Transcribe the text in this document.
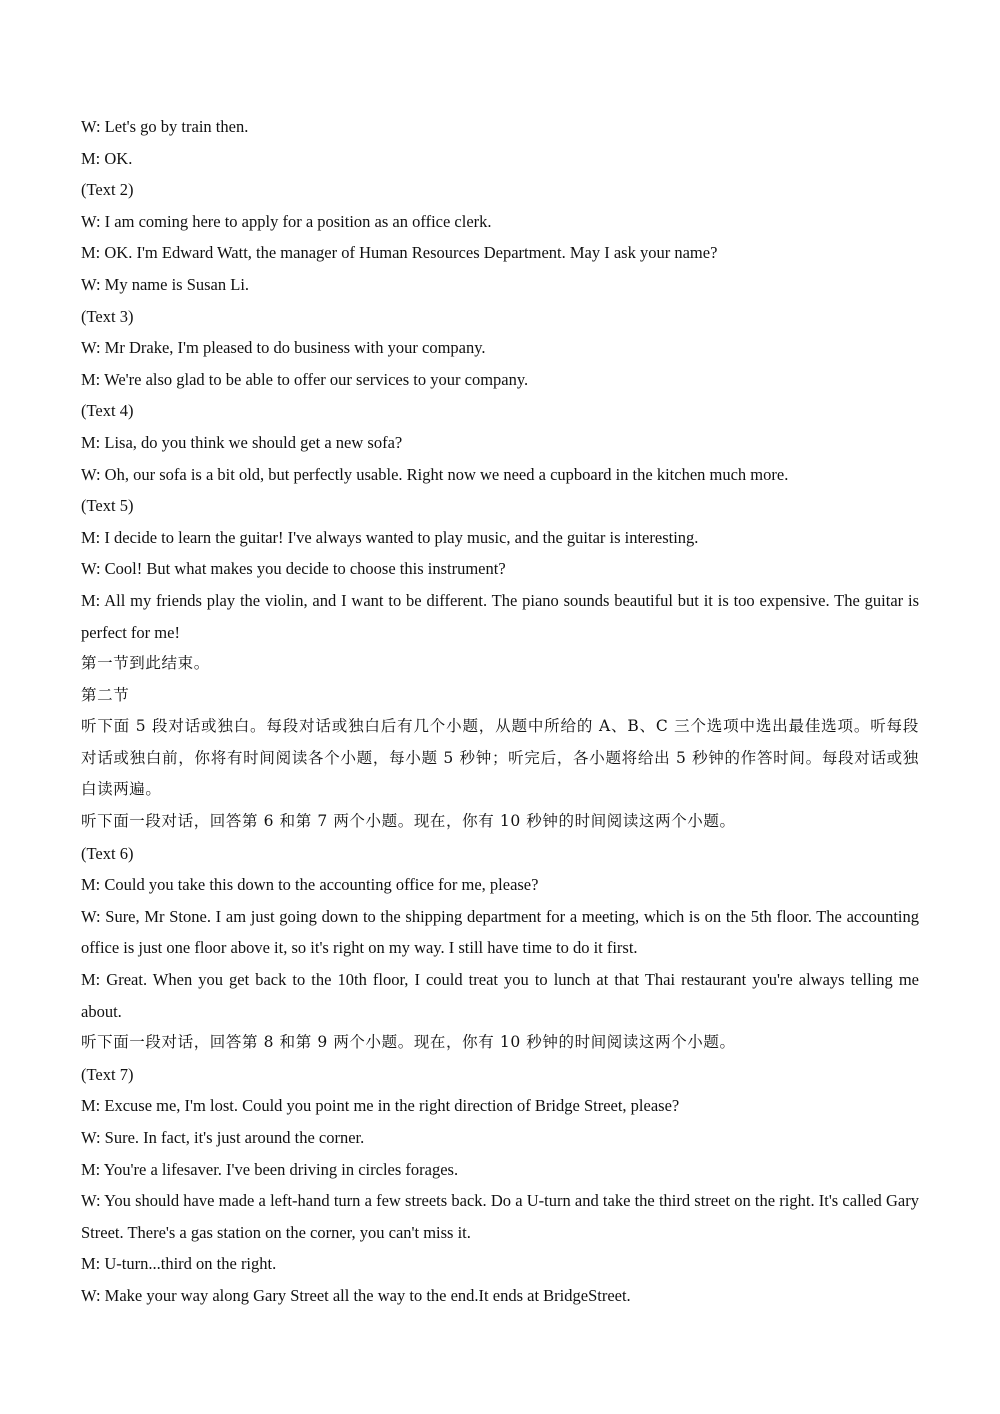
W: Let's go by train then.

M: OK.

(Text 2)

W: I am coming here to apply for a position as an office clerk.

M: OK. I'm Edward Watt, the manager of Human Resources Department. May I ask your name?

W: My name is Susan Li.

(Text 3)

W: Mr Drake, I'm pleased to do business with your company.

M: We're also glad to be able to offer our services to your company.

(Text 4)

M: Lisa, do you think we should get a new sofa?

W: Oh, our sofa is a bit old, but perfectly usable. Right now we need a cupboard in the kitchen much more.

(Text 5)

M: I decide to learn the guitar! I've always wanted to play music, and the guitar is interesting.

W: Cool! But what makes you decide to choose this instrument?

M: All my friends play the violin, and I want to be different. The piano sounds beautiful but it is too expensive. The guitar is perfect for me!

第一节到此结束。

第二节

听下面 5 段对话或独白。每段对话或独白后有几个小题，从题中所给的 A、B、C 三个选项中选出最佳选项。听每段对话或独白前，你将有时间阅读各个小题，每小题 5 秒钟；听完后，各小题将给出 5 秒钟的作答时间。每段对话或独白读两遍。

听下面一段对话，回答第 6 和第 7 两个小题。现在，你有 10 秒钟的时间阅读这两个小题。

(Text 6)

M: Could you take this down to the accounting office for me, please?

W: Sure, Mr Stone. I am just going down to the shipping department for a meeting, which is on the 5th floor. The accounting office is just one floor above it, so it's right on my way. I still have time to do it first.

M: Great. When you get back to the 10th floor, I could treat you to lunch at that Thai restaurant you're always telling me about.

听下面一段对话，回答第 8 和第 9 两个小题。现在，你有 10 秒钟的时间阅读这两个小题。

(Text 7)

M: Excuse me, I'm lost. Could you point me in the right direction of Bridge Street, please?

W: Sure. In fact, it's just around the corner.

M: You're a lifesaver. I've been driving in circles forages.

W: You should have made a left-hand turn a few streets back. Do a U-turn and take the third street on the right. It's called Gary Street. There's a gas station on the corner, you can't miss it.

M: U-turn...third on the right.

W: Make your way along Gary Street all the way to the end.It ends at BridgeStreet.
